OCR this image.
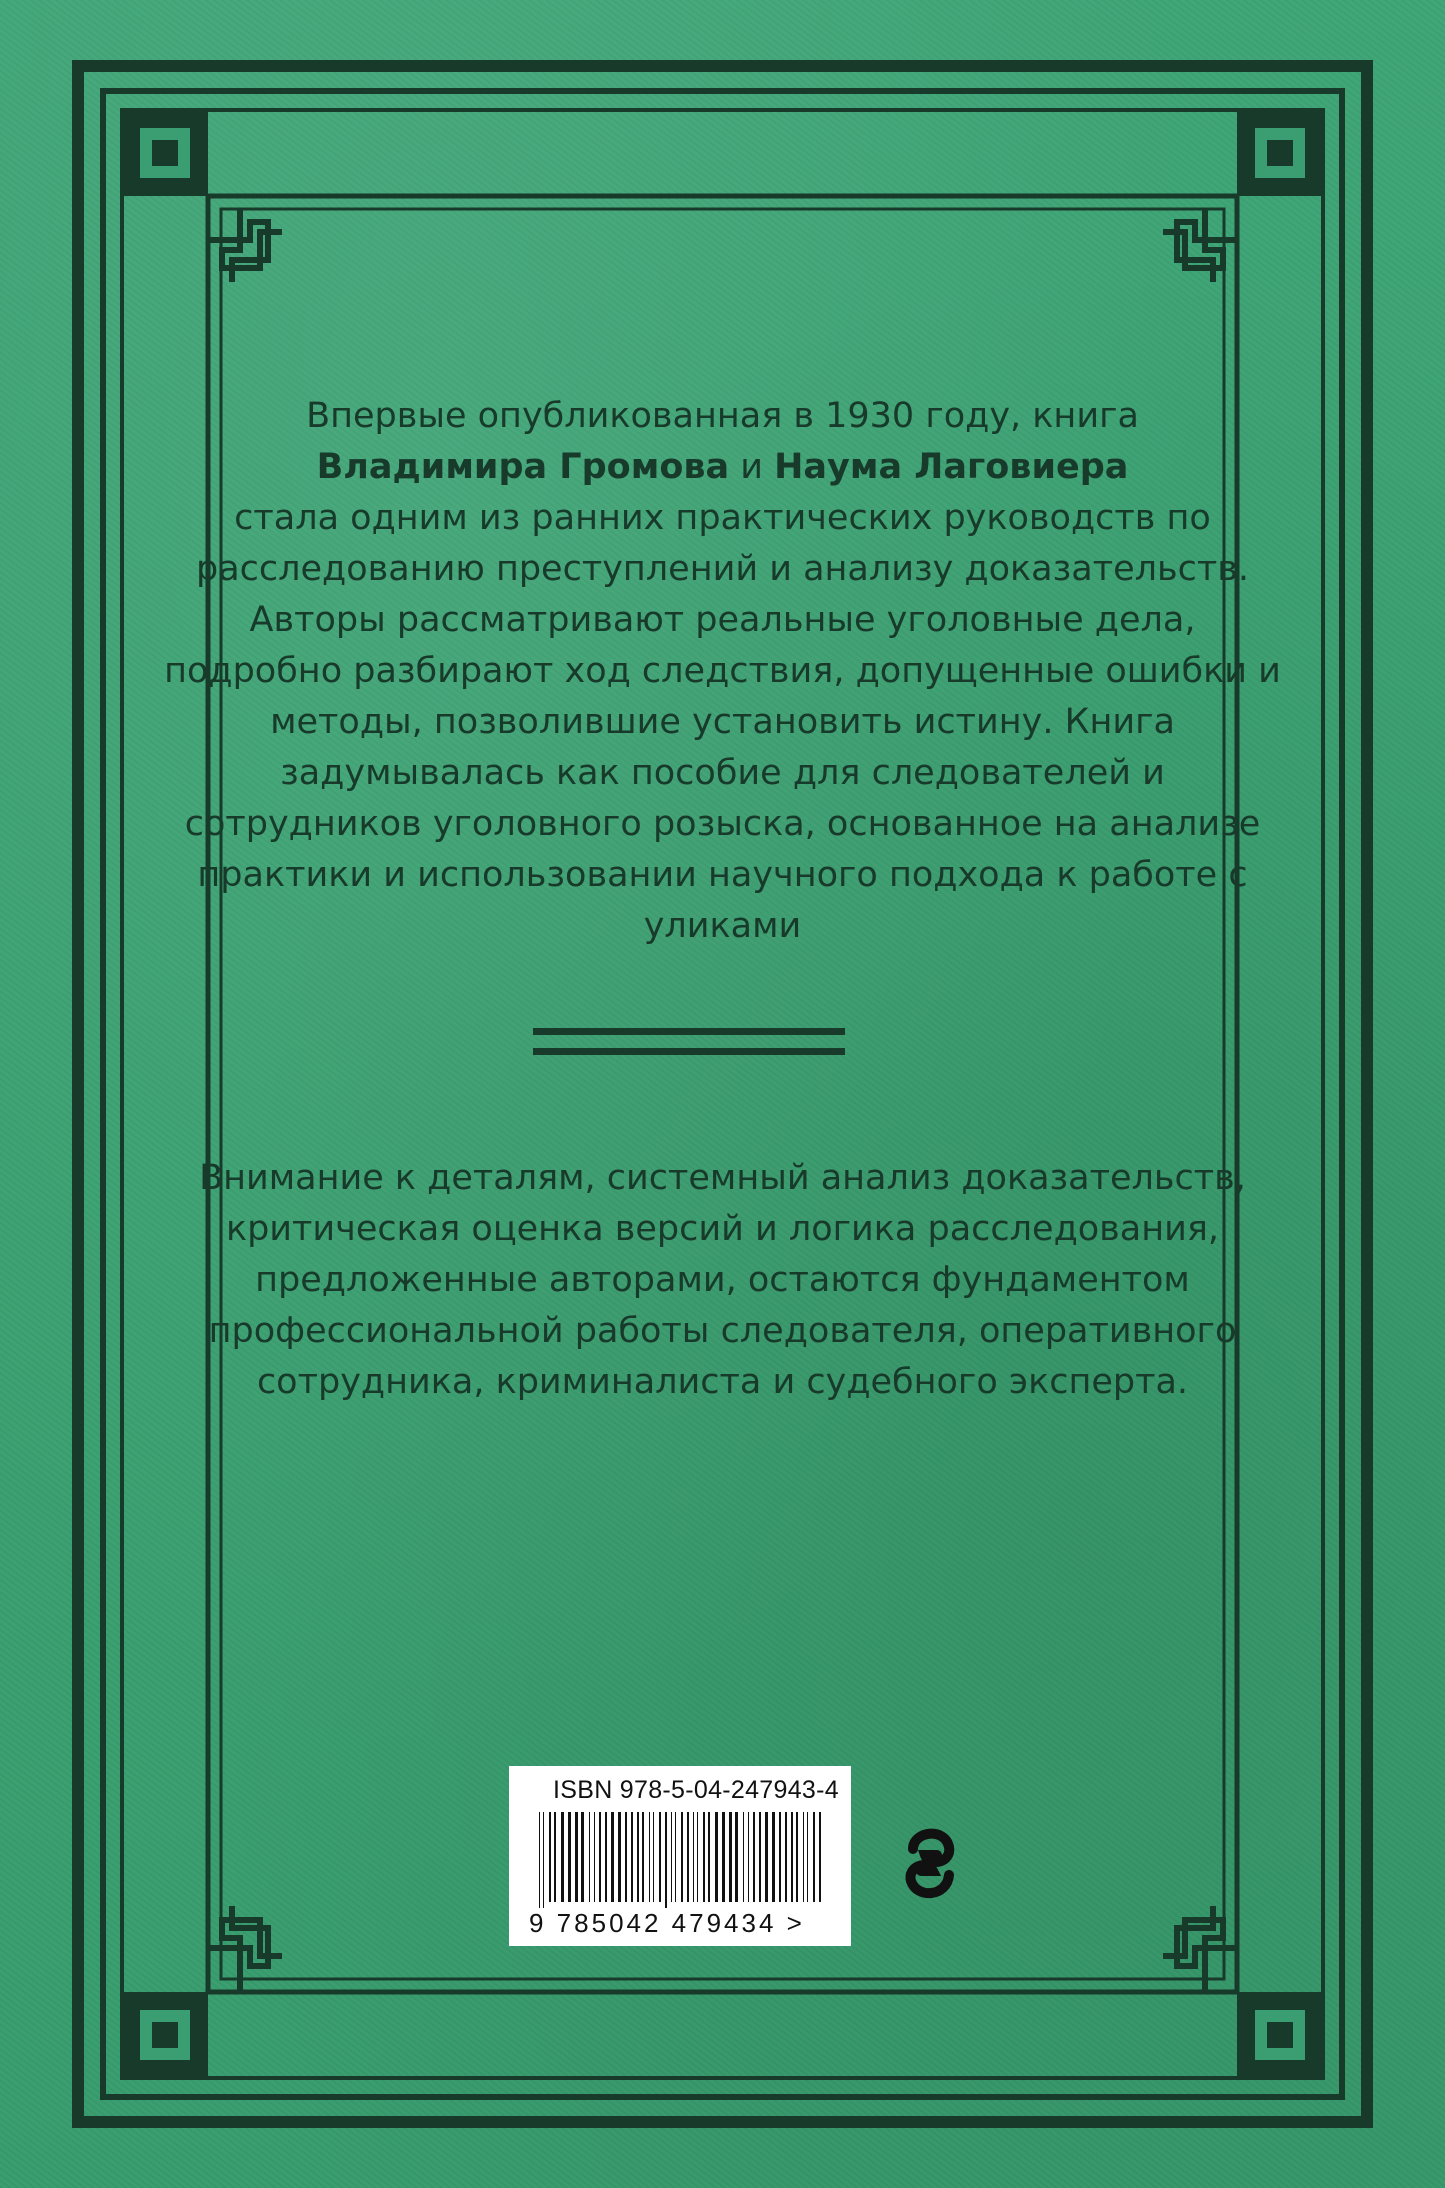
Впервые опубликованная в 1930 году, книга

Владимира Громова и Наума Лаговиера

стала одним из ранних практических руководств по расследованию преступлений и анализу доказательств. Авторы рассматривают реальные уголовные дела, подробно разбирают ход следствия, допущенные ошибки и методы, позволившие установить истину. Книга задумывалась как пособие для следователей и сотрудников уголовного розыска, основанное на анализе практики и использовании научного подхода к работе с уликами

Внимание к деталям, системный анализ доказательств, критическая оценка версий и логика расследования, предложенные авторами, остаются фундаментом профессиональной работы следователя, оперативного сотрудника, криминалиста и судебного эксперта.

ISBN 978-5-04-247943-4
9 785042 479434 >
